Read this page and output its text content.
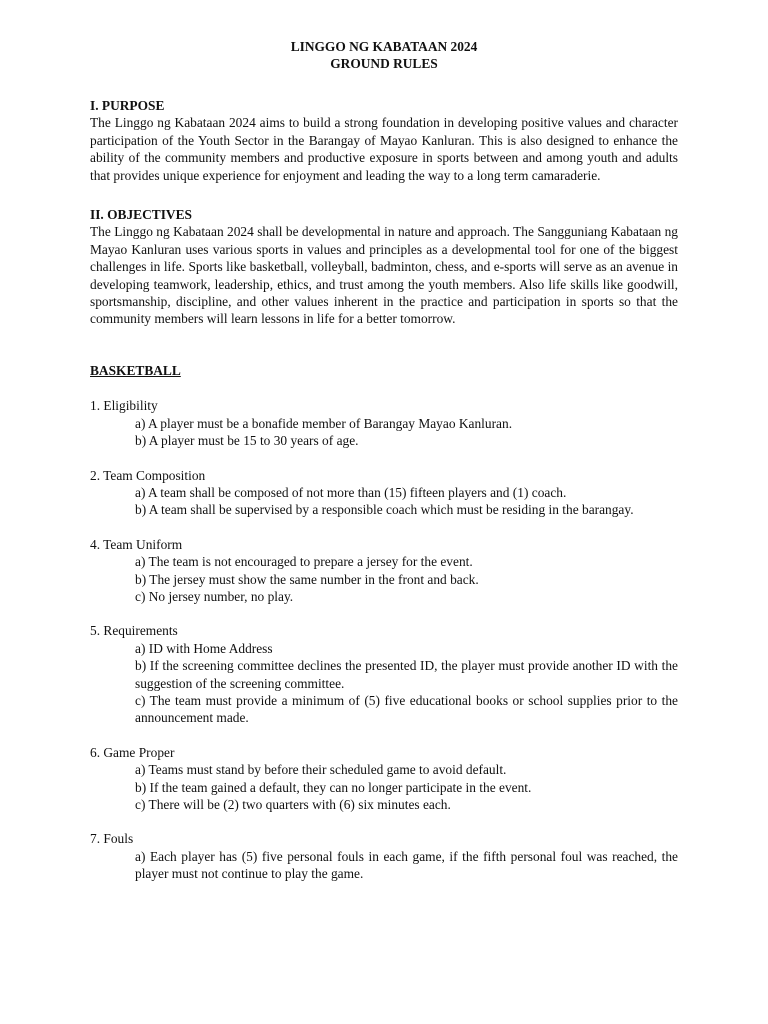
LINGGO NG KABATAAN 2024
GROUND RULES
I. PURPOSE
The Linggo ng Kabataan 2024 aims to build a strong foundation in developing positive values and character participation of the Youth Sector in the Barangay of Mayao Kanluran. This is also designed to enhance the ability of the community members and productive exposure in sports between and among youth and adults that provides unique experience for enjoyment and leading the way to a long term camaraderie.
II. OBJECTIVES
The Linggo ng Kabataan 2024 shall be developmental in nature and approach. The Sangguniang Kabataan ng Mayao Kanluran uses various sports in values and principles as a developmental tool for one of the biggest challenges in life. Sports like basketball, volleyball, badminton, chess, and e-sports will serve as an avenue in developing teamwork, leadership, ethics, and trust among the youth members. Also life skills like goodwill, sportsmanship, discipline, and other values inherent in the practice and participation in sports so that the community members will learn lessons in life for a better tomorrow.
BASKETBALL
1. Eligibility
a) A player must be a bonafide member of Barangay Mayao Kanluran.
b) A player must be 15 to 30 years of age.
2. Team Composition
a) A team shall be composed of not more than (15) fifteen players and (1) coach.
b) A team shall be supervised by a responsible coach which must be residing in the barangay.
4. Team Uniform
a) The team is not encouraged to prepare a jersey for the event.
b) The jersey must show the same number in the front and back.
c) No jersey number, no play.
5. Requirements
a) ID with Home Address
b) If the screening committee declines the presented ID, the player must provide another ID with the suggestion of the screening committee.
c) The team must provide a minimum of (5) five educational books or school supplies prior to the announcement made.
6. Game Proper
a) Teams must stand by before their scheduled game to avoid default.
b) If the team gained a default, they can no longer participate in the event.
c) There will be (2) two quarters with (6) six minutes each.
7. Fouls
a) Each player has (5) five personal fouls in each game, if the fifth personal foul was reached, the player must not continue to play the game.
